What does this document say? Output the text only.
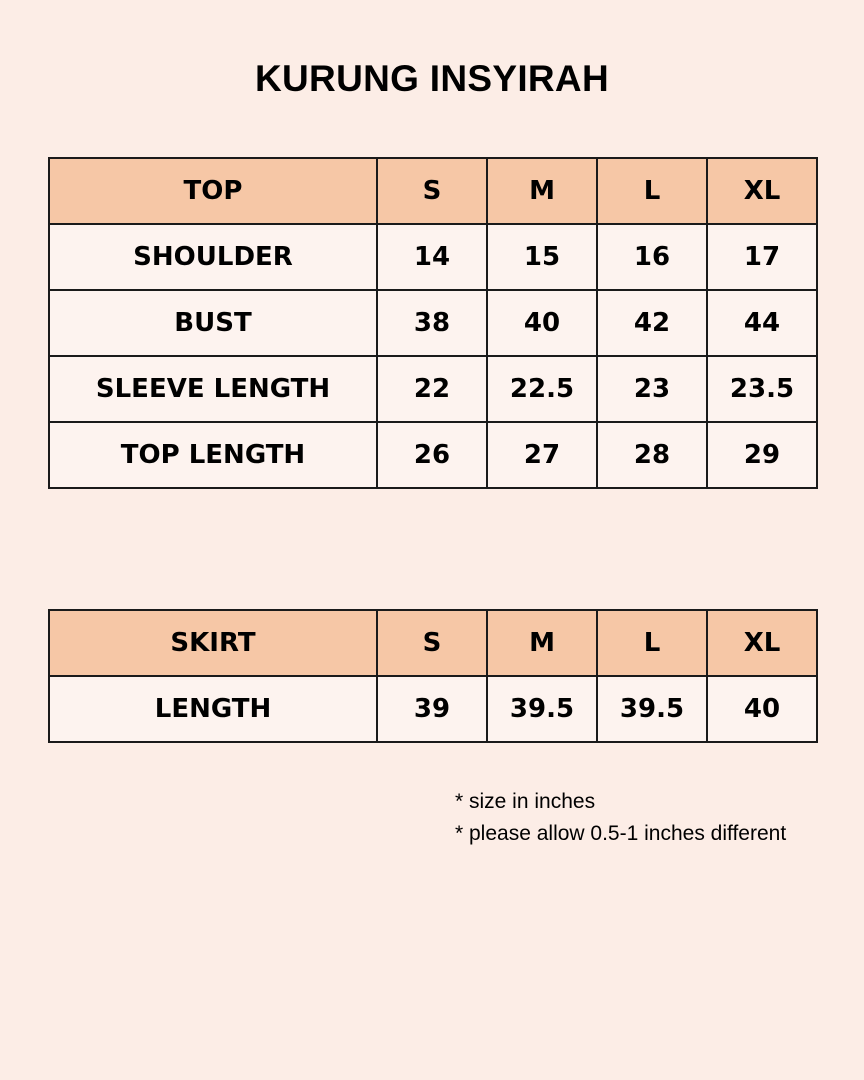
KURUNG INSYIRAH
TOP	S	M	L	XL
SHOULDER	14	15	16	17
BUST	38	40	42	44
SLEEVE LENGTH	22	22.5	23	23.5
TOP LENGTH	26	27	28	29
SKIRT	S	M	L	XL
LENGTH	39	39.5	39.5	40
* size in inches
* please allow 0.5-1 inches different
